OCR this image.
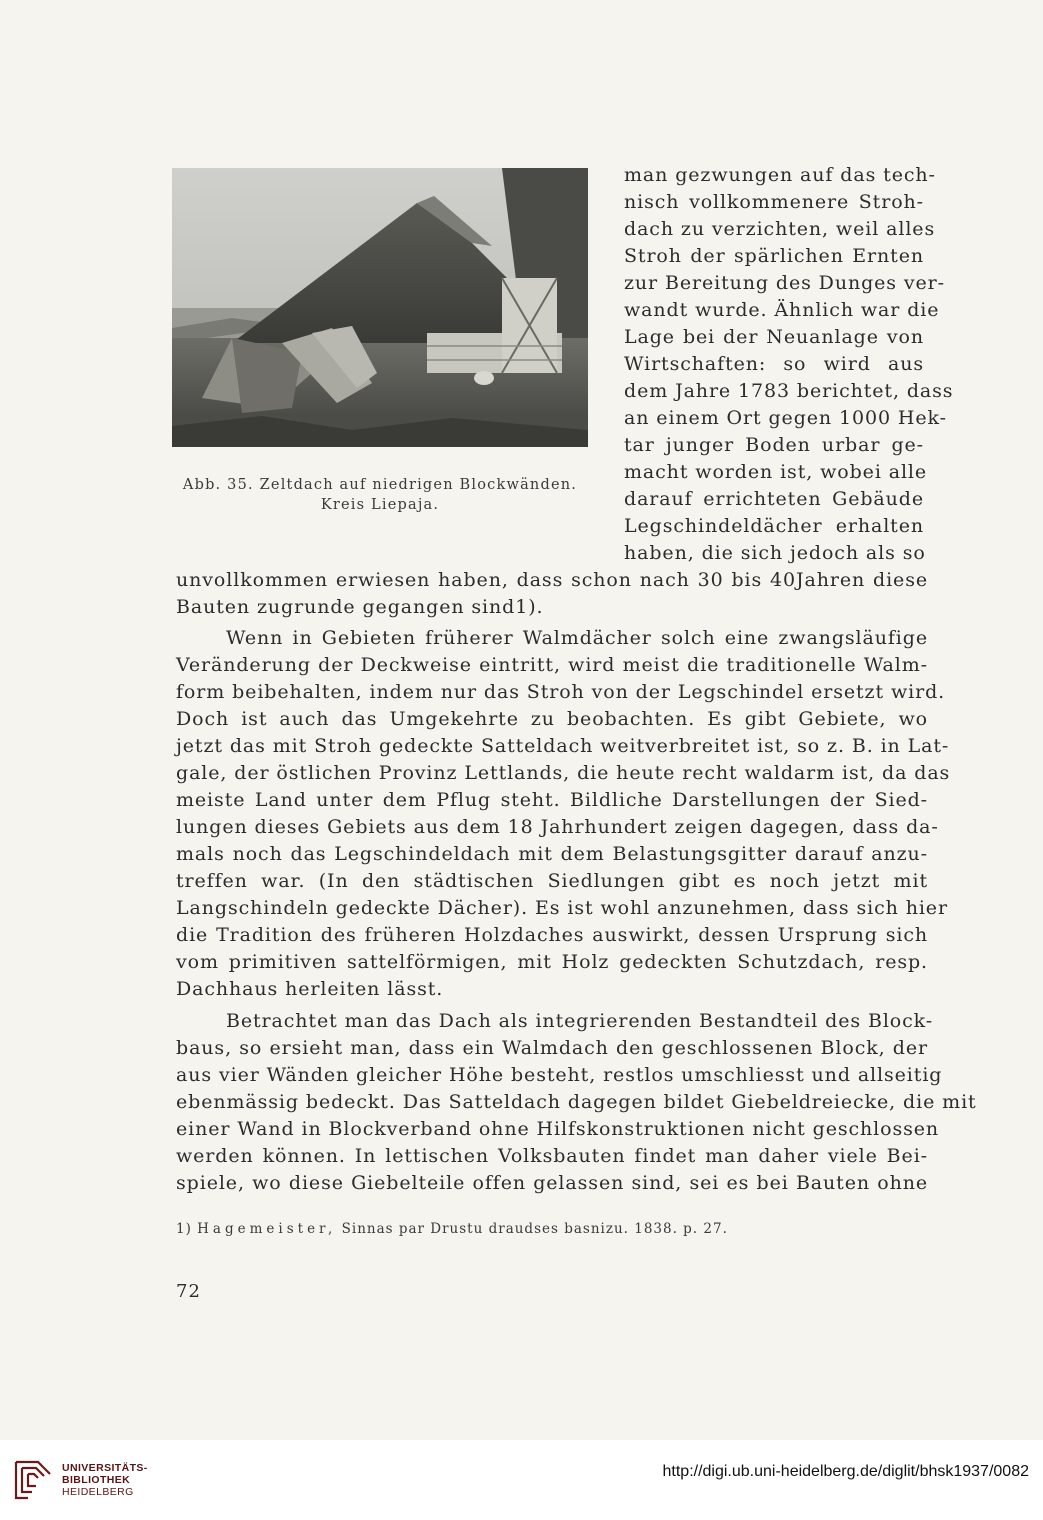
Abb. 35. Zeltdach auf niedrigen Blockwänden.
Kreis Liepaja.
man gezwungen auf das tech-
nisch vollkommenere Stroh-
dach zu verzichten, weil alles
Stroh der spärlichen Ernten
zur Bereitung des Dunges ver-
wandt wurde. Ähnlich war die
Lage bei der Neuanlage von
Wirtschaften: so wird aus
dem Jahre 1783 berichtet, dass
an einem Ort gegen 1000 Hek-
tar junger Boden urbar ge-
macht worden ist, wobei alle
darauf errichteten Gebäude
Legschindeldächer erhalten
haben, die sich jedoch als so
unvollkommen erwiesen haben, dass schon nach 30 bis 40Jahren diese
Bauten zugrunde gegangen sind1).
Wenn in Gebieten früherer Walmdächer solch eine zwangsläufige
Veränderung der Deckweise eintritt, wird meist die traditionelle Walm-
form beibehalten, indem nur das Stroh von der Legschindel ersetzt wird.
Doch ist auch das Umgekehrte zu beobachten. Es gibt Gebiete, wo
jetzt das mit Stroh gedeckte Satteldach weitverbreitet ist, so z. B. in Lat-
gale, der östlichen Provinz Lettlands, die heute recht waldarm ist, da das
meiste Land unter dem Pflug steht. Bildliche Darstellungen der Sied-
lungen dieses Gebiets aus dem 18 Jahrhundert zeigen dagegen, dass da-
mals noch das Legschindeldach mit dem Belastungsgitter darauf anzu-
treffen war. (In den städtischen Siedlungen gibt es noch jetzt mit
Langschindeln gedeckte Dächer). Es ist wohl anzunehmen, dass sich hier
die Tradition des früheren Holzdaches auswirkt, dessen Ursprung sich
vom primitiven sattelförmigen, mit Holz gedeckten Schutzdach, resp.
Dachhaus herleiten lässt.
Betrachtet man das Dach als integrierenden Bestandteil des Block-
baus, so ersieht man, dass ein Walmdach den geschlossenen Block, der
aus vier Wänden gleicher Höhe besteht, restlos umschliesst und allseitig
ebenmässig bedeckt. Das Satteldach dagegen bildet Giebeldreiecke, die mit
einer Wand in Blockverband ohne Hilfskonstruktionen nicht geschlossen
werden können. In lettischen Volksbauten findet man daher viele Bei-
spiele, wo diese Giebelteile offen gelassen sind, sei es bei Bauten ohne
1) Hagemeister, Sinnas par Drustu draudses basnizu. 1838. p. 27.
72
UNIVERSITÄTS-
BIBLIOTHEK
HEIDELBERG
http://digi.ub.uni-heidelberg.de/diglit/bhsk1937/0082
